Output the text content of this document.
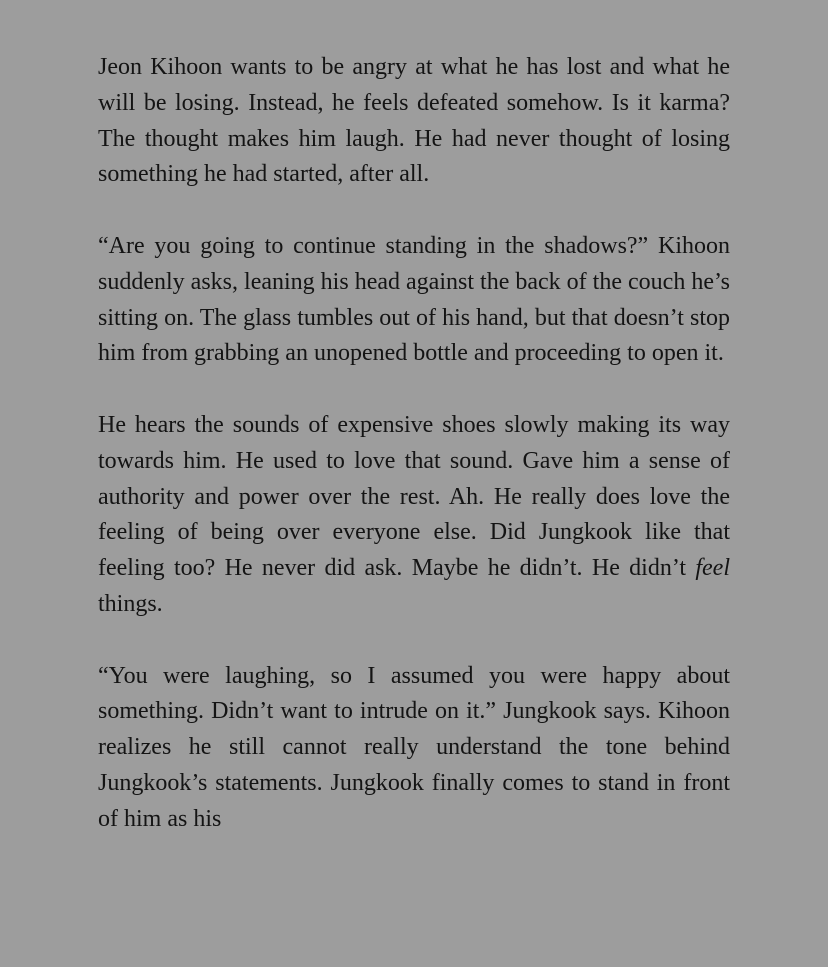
Jeon Kihoon wants to be angry at what he has lost and what he will be losing. Instead, he feels defeated somehow. Is it karma? The thought makes him laugh. He had never thought of losing something he had started, after all.

“Are you going to continue standing in the shadows?” Kihoon suddenly asks, leaning his head against the back of the couch he’s sitting on. The glass tumbles out of his hand, but that doesn’t stop him from grabbing an unopened bottle and proceeding to open it.

He hears the sounds of expensive shoes slowly making its way towards him. He used to love that sound. Gave him a sense of authority and power over the rest. Ah. He really does love the feeling of being over everyone else. Did Jungkook like that feeling too? He never did ask. Maybe he didn’t. He didn’t feel things.

“You were laughing, so I assumed you were happy about something. Didn’t want to intrude on it.” Jungkook says. Kihoon realizes he still cannot really understand the tone behind Jungkook’s statements. Jungkook finally comes to stand in front of him as his
